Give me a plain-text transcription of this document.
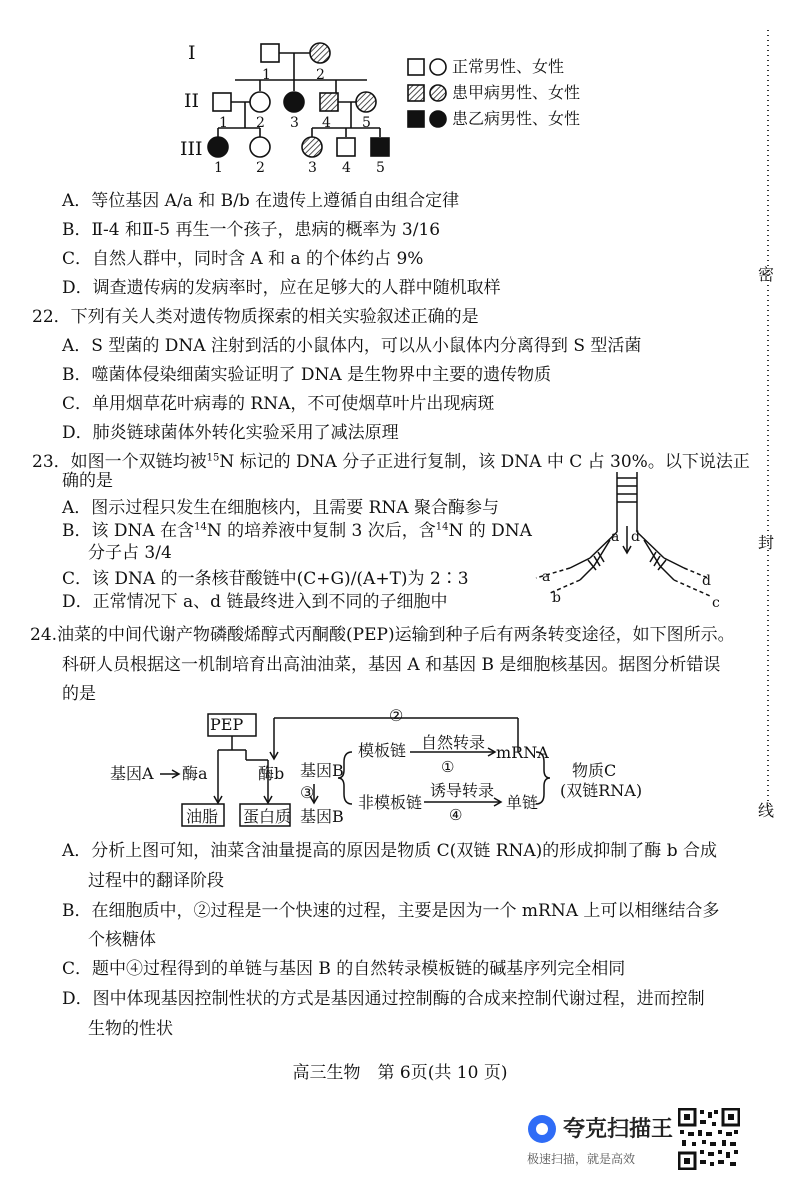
I
II
III
1	2
1 2 3 4 5
1 2	3 4 5
正常男性、女性
患甲病男性、女性
患乙病男性、女性
A．等位基因 A/a 和 B/b 在遗传上遵循自由组合定律
B．Ⅱ-4 和Ⅱ-5 再生一个孩子，患病的概率为 3/16
C．自然人群中，同时含 A 和 a 的个体约占 9%
D．调查遗传病的发病率时，应在足够大的人群中随机取样
22．下列有关人类对遗传物质探索的相关实验叙述正确的是
A．S 型菌的 DNA 注射到活的小鼠体内，可以从小鼠体内分离得到 S 型活菌
B．噬菌体侵染细菌实验证明了 DNA 是生物界中主要的遗传物质
C．单用烟草花叶病毒的 RNA，不可使烟草叶片出现病斑
D．肺炎链球菌体外转化实验采用了减法原理
23．如图一个双链均被$^{15}$N 标记的 DNA 分子正进行复制，该 DNA 中 C 占 30%。以下说法正
确的是
A．图示过程只发生在细胞核内，且需要 RNA 聚合酶参与
B．该 DNA 在含$^{14}$N 的培养液中复制 3 次后，含$^{14}$N 的 DNA
分子占 3/4
C．该 DNA 的一条核苷酸链中(C+G)/(A+T)为 2∶3
D．正常情况下 a、d 链最终进入到不同的子细胞中
a d
a
b
d
c
24.油菜的中间代谢产物磷酸烯醇式丙酮酸(PEP)运输到种子后有两条转变途径，如下图所示。
科研人员根据这一机制培育出高油油菜，基因 A 和基因 B 是细胞核基因。据图分析错误
的是
PEP
基因A 酶a	酶b
油脂 蛋白质
基因B
③
基因B
②
模板链 自然转录
①
mRNA
非模板链
诱导转录
④
单链
物质C
(双链RNA)
A．分析上图可知，油菜含油量提高的原因是物质 C(双链 RNA)的形成抑制了酶 b 合成
过程中的翻译阶段
B．在细胞质中，②过程是一个快速的过程，主要是因为一个 mRNA 上可以相继结合多
个核糖体
C．题中④过程得到的单链与基因 B 的自然转录模板链的碱基序列完全相同
D．图中体现基因控制性状的方式是基因通过控制酶的合成来控制代谢过程，进而控制
生物的性状
高三生物　第 6页(共 10 页)
密
封
线
夸克扫描王
极速扫描，就是高效
